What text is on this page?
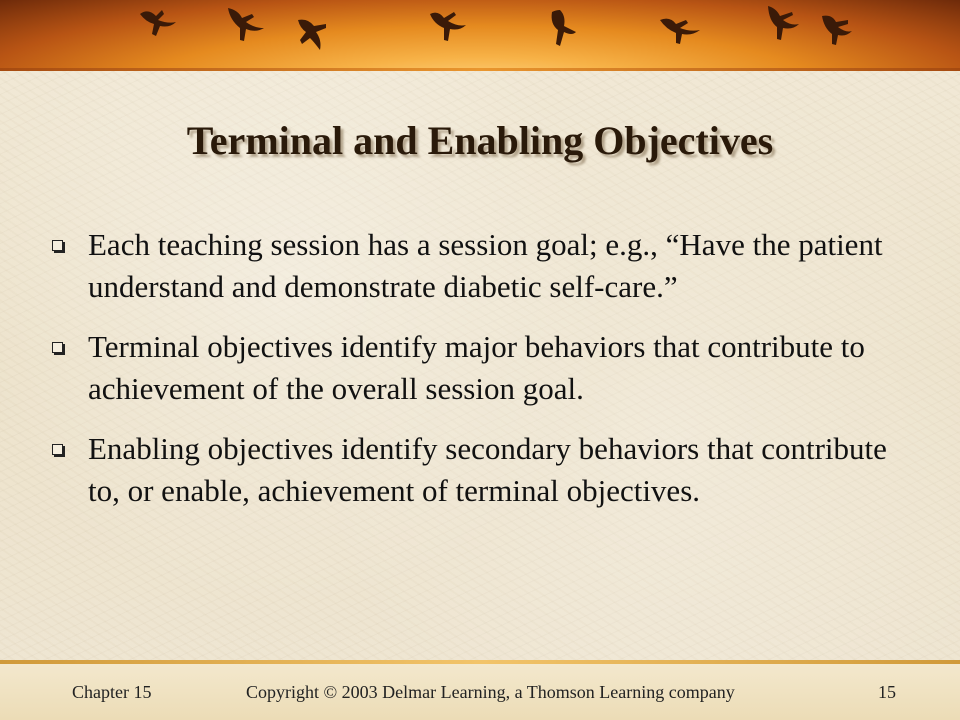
Terminal and Enabling Objectives
Each teaching session has a session goal; e.g., “Have the patient understand and demonstrate diabetic self-care.”
Terminal objectives identify major behaviors that contribute to achievement of the overall session goal.
Enabling objectives identify secondary behaviors that contribute to, or enable, achievement of terminal objectives.
Chapter 15	Copyright © 2003 Delmar Learning, a Thomson Learning company	15
